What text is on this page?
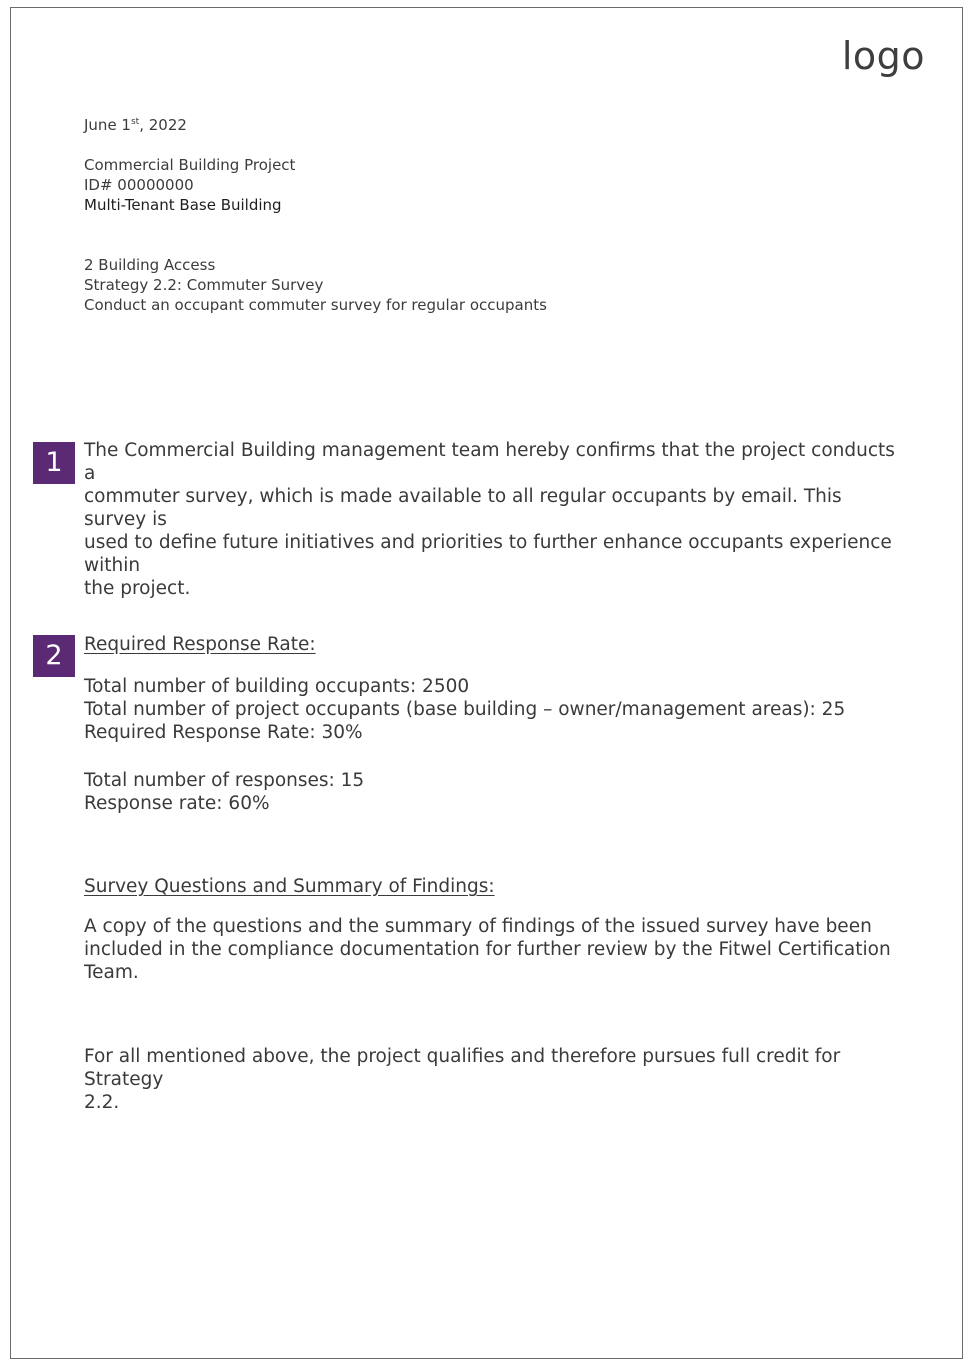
logo
June 1st, 2022
Commercial Building Project
ID# 00000000
Multi-Tenant Base Building
2 Building Access
Strategy 2.2: Commuter Survey
Conduct an occupant commuter survey for regular occupants
1	The Commercial Building management team hereby confirms that the project conducts a
commuter survey, which is made available to all regular occupants by email. This survey is
used to define future initiatives and priorities to further enhance occupants experience within
the project.
2	Required Response Rate:
Total number of building occupants: 2500
Total number of project occupants (base building – owner/management areas): 25
Required Response Rate: 30%
Total number of responses: 15
Response rate: 60%
Survey Questions and Summary of Findings:
A copy of the questions and the summary of findings of the issued survey have been
included in the compliance documentation for further review by the Fitwel Certification
Team.
For all mentioned above, the project qualifies and therefore pursues full credit for Strategy
2.2.
